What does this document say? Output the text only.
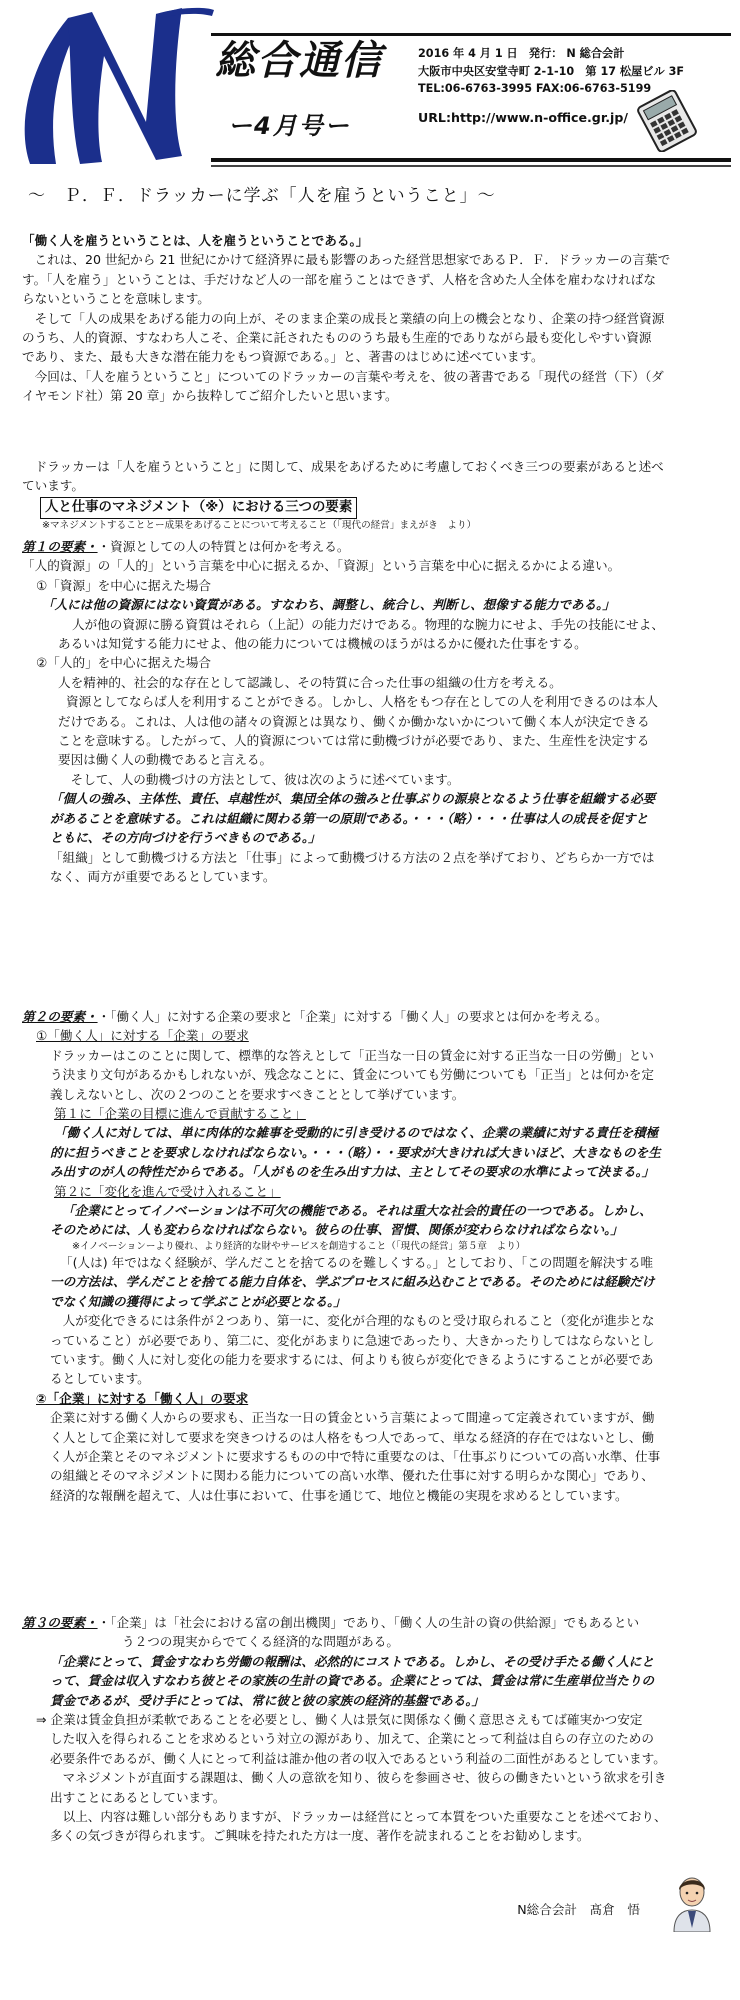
総合通信
ー4月号ー
2016 年 4 月 1 日　発行： N 総合会計
大阪市中央区安堂寺町 2-1-10　第 17 松屋ビル 3F
TEL:06-6763-3995 FAX:06-6763-5199
URL:http://www.n-office.gr.jp/
～　Ｐ．Ｆ．ドラッカーに学ぶ「人を雇うということ」～
「働く人を雇うということは、人を雇うということである。」
　これは、20 世紀から 21 世紀にかけて経済界に最も影響のあった経営思想家であるＰ．Ｆ．ドラッカーの言葉で
す。「人を雇う」ということは、手だけなど人の一部を雇うことはできず、人格を含めた人全体を雇わなければな
らないということを意味します。
　そして「人の成果をあげる能力の向上が、そのまま企業の成長と業績の向上の機会となり、企業の持つ経営資源
のうち、人的資源、すなわち人こそ、企業に託されたもののうち最も生産的でありながら最も変化しやすい資源
であり、また、最も大きな潜在能力をもつ資源である。」と、著書のはじめに述べています。
　今回は、「人を雇うということ」についてのドラッカーの言葉や考えを、彼の著書である「現代の経営（下）（ダ
イヤモンド社）第 20 章」から抜粋してご紹介したいと思います。
　ドラッカーは「人を雇うということ」に関して、成果をあげるために考慮しておくべき三つの要素があると述べ
ています。
人と仕事のマネジメント（※）における三つの要素
※マネジメントすることとー成果をあげることについて考えること（「現代の経営」まえがき　より）
第１の要素・・資源としての人の特質とは何かを考える。
「人的資源」の「人的」という言葉を中心に据えるか、「資源」という言葉を中心に据えるかによる違い。
①「資源」を中心に据えた場合
「人には他の資源にはない資質がある。すなわち、調整し、統合し、判断し、想像する能力である。」
人が他の資源に勝る資質はそれら（上記）の能力だけである。物理的な腕力にせよ、手先の技能にせよ、
あるいは知覚する能力にせよ、他の能力については機械のほうがはるかに優れた仕事をする。
②「人的」を中心に据えた場合
人を精神的、社会的な存在として認識し、その特質に合った仕事の組織の仕方を考える。
資源としてならば人を利用することができる。しかし、人格をもつ存在としての人を利用できるのは本人
だけである。これは、人は他の諸々の資源とは異なり、働くか働かないかについて働く本人が決定できる
ことを意味する。したがって、人的資源については常に動機づけが必要であり、また、生産性を決定する
要因は働く人の動機であると言える。
　そして、人の動機づけの方法として、彼は次のように述べています。
「個人の強み、主体性、責任、卓越性が、集団全体の強みと仕事ぶりの源泉となるよう仕事を組織する必要
があることを意味する。これは組織に関わる第一の原則である。・・・（略）・・・仕事は人の成長を促すと
ともに、その方向づけを行うべきものである。」
「組織」として動機づける方法と「仕事」によって動機づける方法の２点を挙げており、どちらか一方では
なく、両方が重要であるとしています。
第２の要素・・「働く人」に対する企業の要求と「企業」に対する「働く人」の要求とは何かを考える。
①「働く人」に対する「企業」の要求
ドラッカーはこのことに関して、標準的な答えとして「正当な一日の賃金に対する正当な一日の労働」とい
う決まり文句があるかもしれないが、残念なことに、賃金についても労働についても「正当」とは何かを定
義しえないとし、次の２つのことを要求すべきこととして挙げています。
第１に「企業の目標に進んで貢献すること」
「働く人に対しては、単に肉体的な雑事を受動的に引き受けるのではなく、企業の業績に対する責任を積極
的に担うべきことを要求しなければならない。・・・（略）・・要求が大きければ大きいほど、大きなものを生
み出すのが人の特性だからである。「人がものを生み出す力は、主としてその要求の水準によって決まる。」
第２に「変化を進んで受け入れること」
「企業にとってイノベーションは不可欠の機能である。それは重大な社会的責任の一つである。しかし、
そのためには、人も変わらなければならない。彼らの仕事、習慣、関係が変わらなければならない。」
※イノベーションーより優れ、より経済的な財やサービスを創造すること（「現代の経営」第５章　より）
「(人は) 年ではなく経験が、学んだことを捨てるのを難しくする。」としており、「この問題を解決する唯
一の方法は、学んだことを捨てる能力自体を、学ぶプロセスに組み込むことである。そのためには経験だけ
でなく知識の獲得によって学ぶことが必要となる。」
　人が変化できるには条件が２つあり、第一に、変化が合理的なものと受け取られること（変化が進歩とな
っていること）が必要であり、第二に、変化があまりに急速であったり、大きかったりしてはならないとし
ています。働く人に対し変化の能力を要求するには、何よりも彼らが変化できるようにすることが必要であ
るとしています。
②「企業」に対する「働く人」の要求
企業に対する働く人からの要求も、正当な一日の賃金という言葉によって間違って定義されていますが、働
く人として企業に対して要求を突きつけるのは人格をもつ人であって、単なる経済的存在ではないとし、働
く人が企業とそのマネジメントに要求するものの中で特に重要なのは、「仕事ぶりについての高い水準、仕事
の組織とそのマネジメントに関わる能力についての高い水準、優れた仕事に対する明らかな関心」であり、
経済的な報酬を超えて、人は仕事において、仕事を通じて、地位と機能の実現を求めるとしています。
第３の要素・・「企業」は「社会における富の創出機関」であり、「働く人の生計の資の供給源」でもあるとい
う２つの現実からでてくる経済的な問題がある。
「企業にとって、賃金すなわち労働の報酬は、必然的にコストである。しかし、その受け手たる働く人にと
って、賃金は収入すなわち彼とその家族の生計の資である。企業にとっては、賃金は常に生産単位当たりの
賃金であるが、受け手にとっては、常に彼と彼の家族の経済的基盤である。」
⇒ 企業は賃金負担が柔軟であることを必要とし、働く人は景気に関係なく働く意思さえもてば確実かつ安定
した収入を得られることを求めるという対立の源があり、加えて、企業にとって利益は自らの存立のための
必要条件であるが、働く人にとって利益は誰か他の者の収入であるという利益の二面性があるとしています。
　マネジメントが直面する課題は、働く人の意欲を知り、彼らを参画させ、彼らの働きたいという欲求を引き
出すことにあるとしています。
　以上、内容は難しい部分もありますが、ドラッカーは経営にとって本質をついた重要なことを述べており、
多くの気づきが得られます。ご興味を持たれた方は一度、著作を読まれることをお勧めします。
N総合会計　髙倉　悟
